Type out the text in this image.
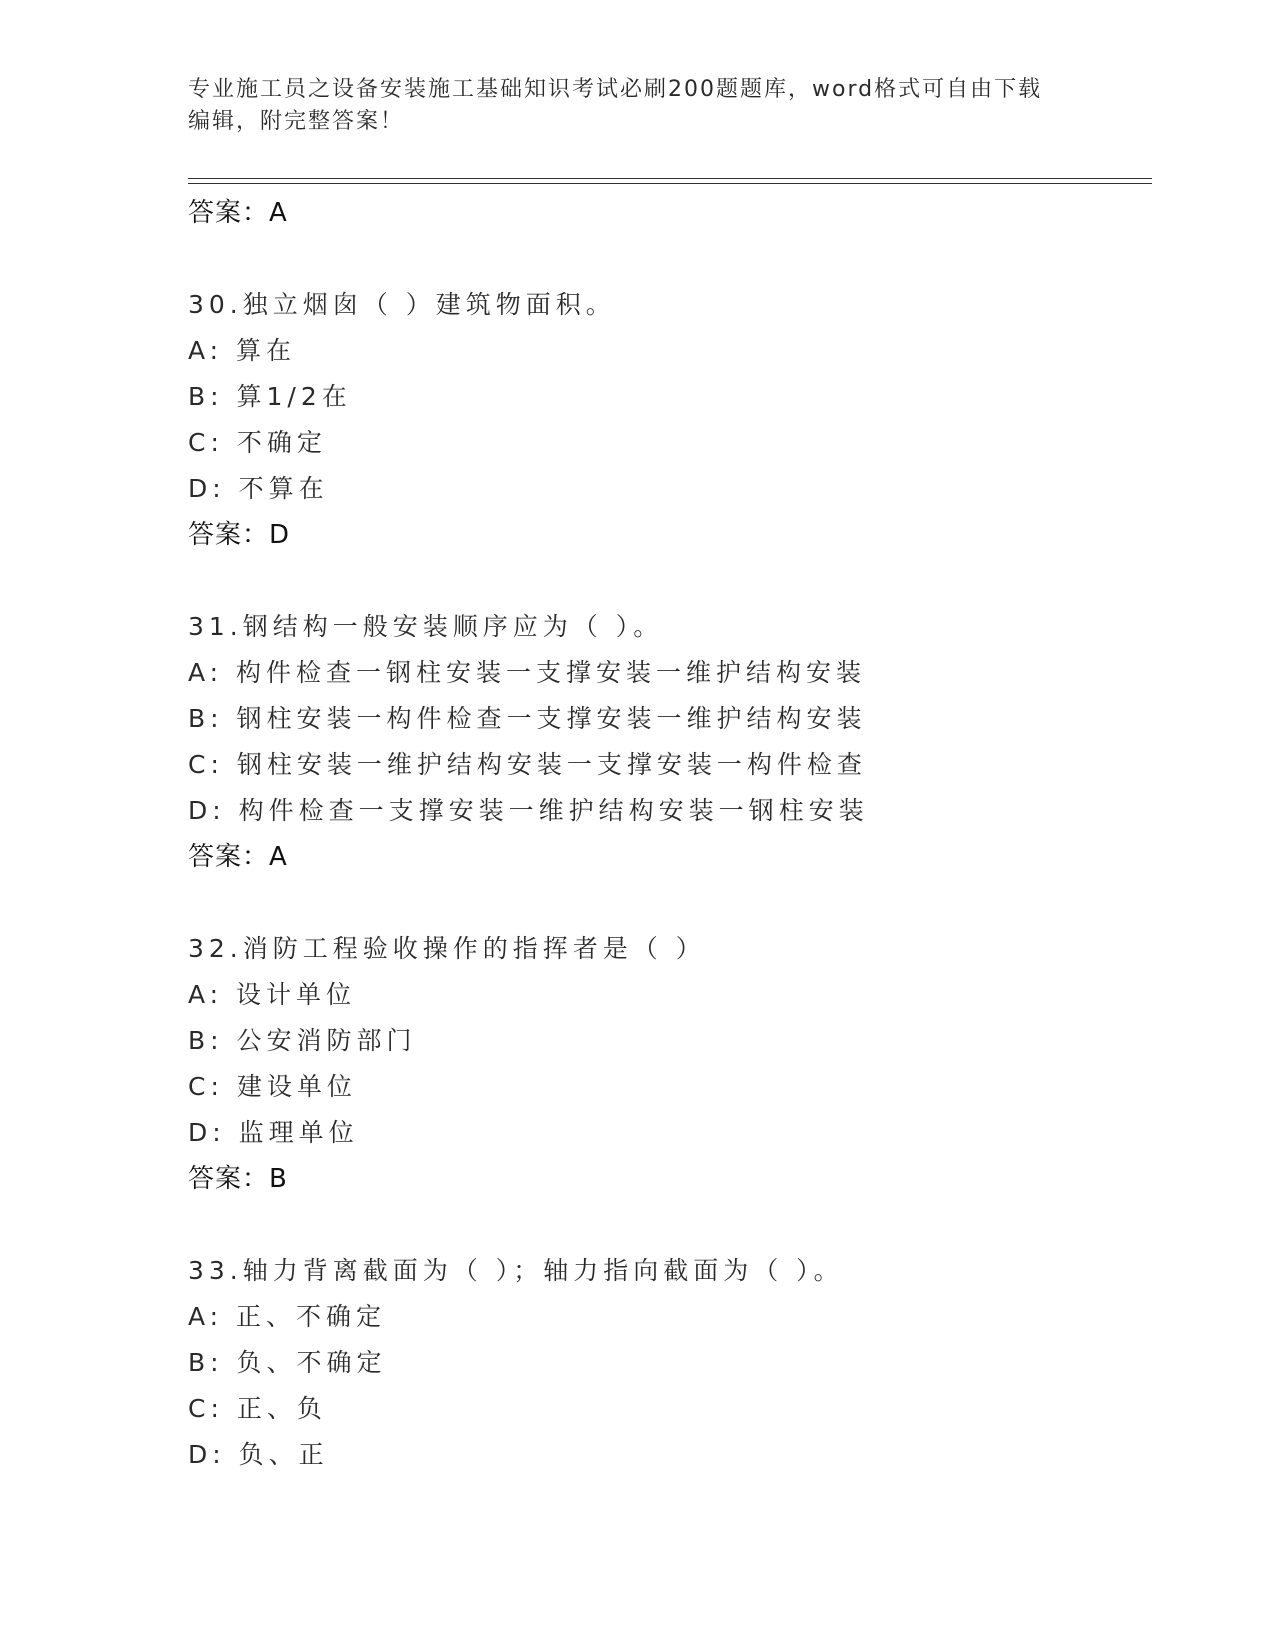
专业施工员之设备安装施工基础知识考试必刷200题题库，word格式可自由下载
编辑，附完整答案！
答案：A
30.独立烟囱（ ）建筑物面积。
A: 算在
B: 算1/2在
C: 不确定
D: 不算在
答案：D
31.钢结构一般安装顺序应为（ ）。
A: 构件检查一钢柱安装一支撑安装一维护结构安装
B: 钢柱安装一构件检查一支撑安装一维护结构安装
C: 钢柱安装一维护结构安装一支撑安装一构件检查
D: 构件检查一支撑安装一维护结构安装一钢柱安装
答案：A
32.消防工程验收操作的指挥者是（ ）
A: 设计单位
B: 公安消防部门
C: 建设单位
D: 监理单位
答案：B
33.轴力背离截面为（ ）；轴力指向截面为（ ）。
A: 正、不确定
B: 负、不确定
C: 正、负
D: 负、正
